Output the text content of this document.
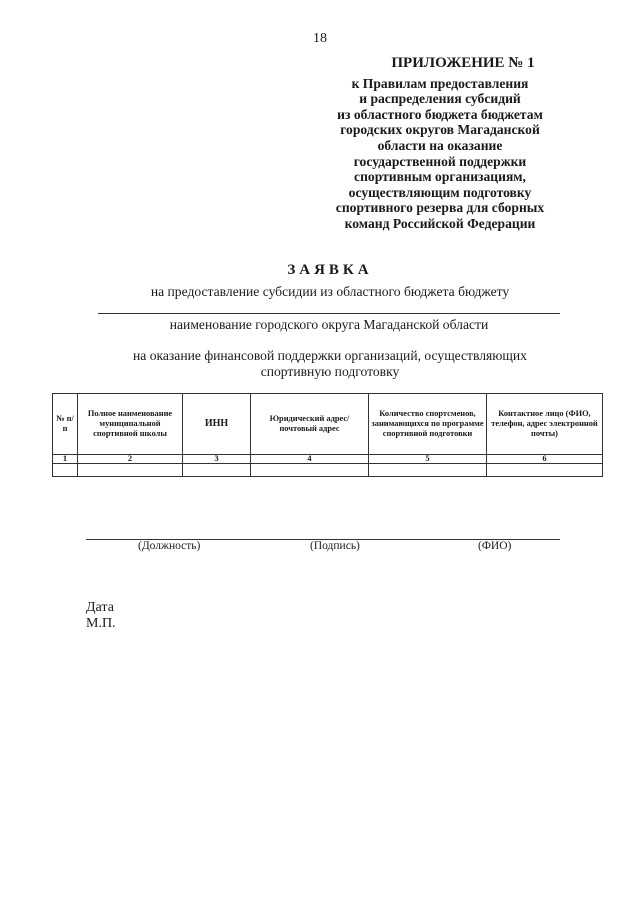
18
ПРИЛОЖЕНИЕ № 1
к Правилам предоставления
и распределения субсидий
из областного бюджета бюджетам
городских округов Магаданской
области на оказание
государственной поддержки
спортивным организациям,
осуществляющим подготовку
спортивного резерва для сборных
команд Российской Федерации
ЗАЯВКА
на предоставление субсидии из областного бюджета бюджету
наименование городского округа Магаданской области
на оказание финансовой поддержки организаций, осуществляющих спортивную подготовку
№ п/п	Полное наименование муниципальной спортивной школы	ИНН	Юридический адрес/ почтовый адрес	Количество спортсменов, занимающихся по программе спортивной подготовки	Контактное лицо (ФИО, телефон, адрес электронной почты)
1	2	3	4	5	6

(Должность)	(Подпись)	(ФИО)
Дата
М.П.
